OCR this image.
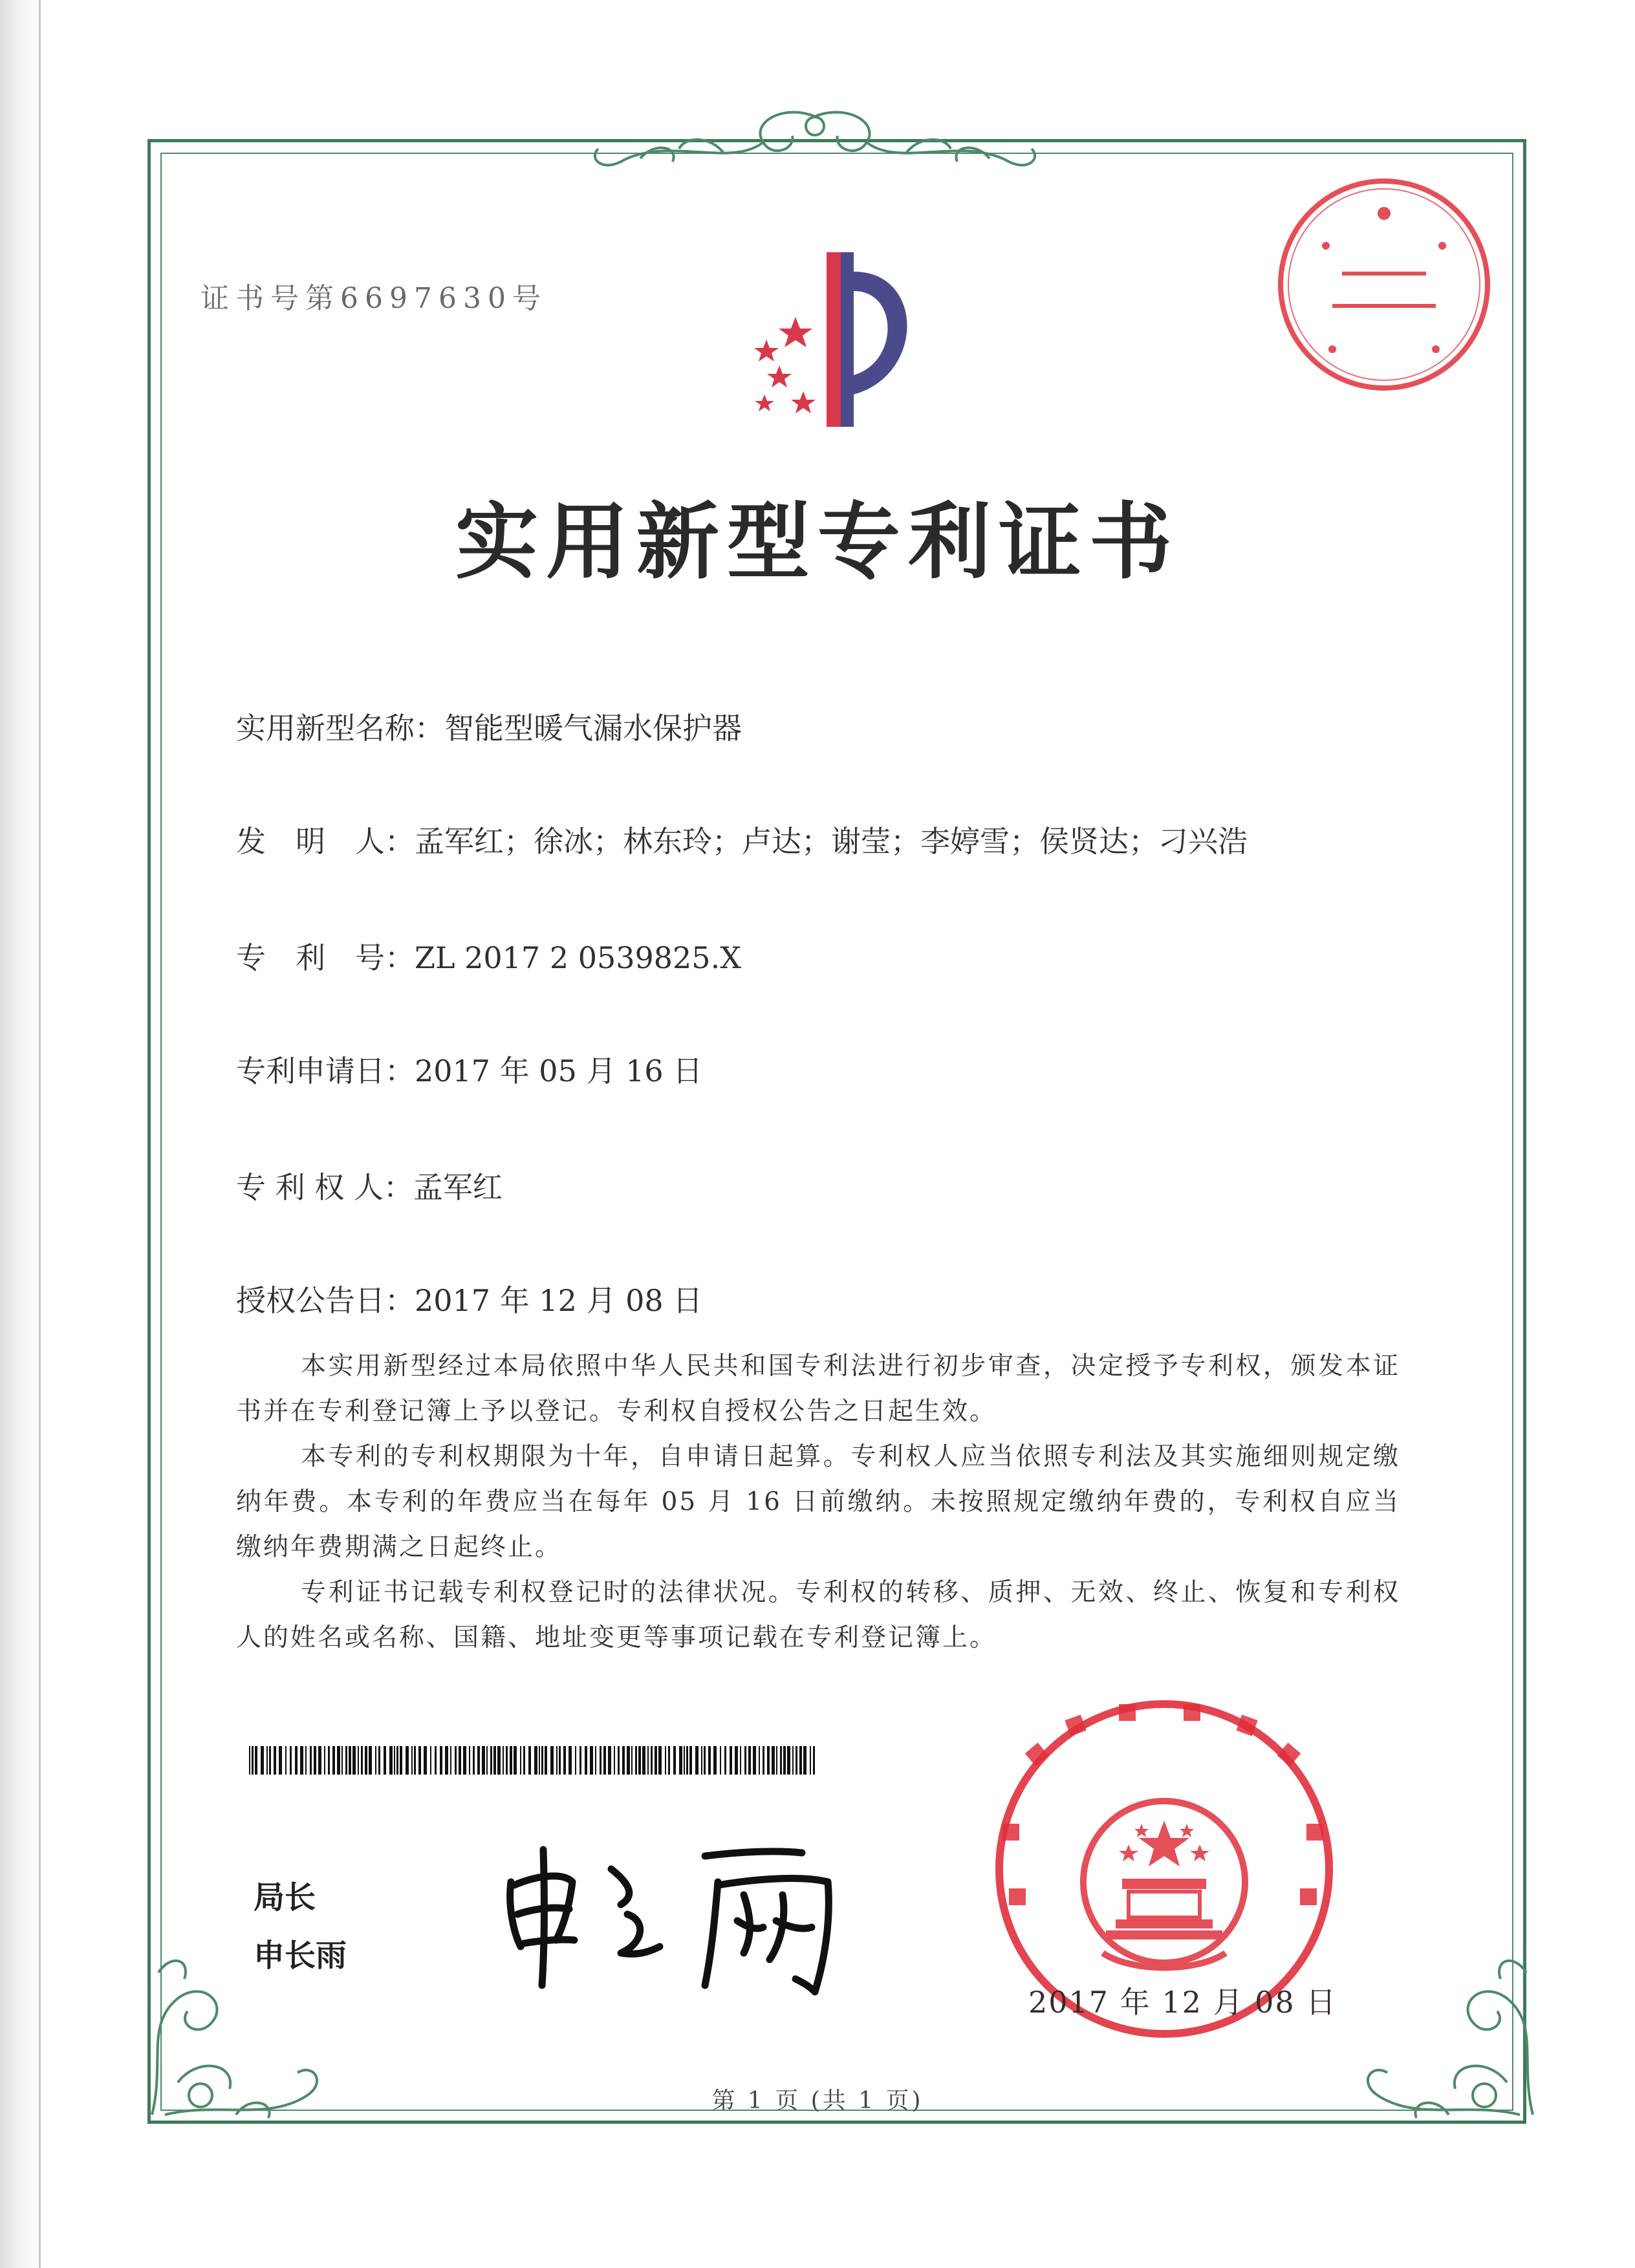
证书号第6697630号
实用新型专利证书
实用新型名称：智能型暖气漏水保护器
发　明　人：孟军红；徐冰；林东玲；卢达；谢莹；李婷雪；侯贤达；刁兴浩
专　利　号：ZL 2017 2 0539825.X
专利申请日：2017 年 05 月 16 日
专 利 权 人：孟军红
授权公告日：2017 年 12 月 08 日
本实用新型经过本局依照中华人民共和国专利法进行初步审查，决定授予专利权，颁发本证书并在专利登记簿上予以登记。专利权自授权公告之日起生效。
本专利的专利权期限为十年，自申请日起算。专利权人应当依照专利法及其实施细则规定缴纳年费。本专利的年费应当在每年 05 月 16 日前缴纳。未按照规定缴纳年费的，专利权自应当缴纳年费期满之日起终止。
专利证书记载专利权登记时的法律状况。专利权的转移、质押、无效、终止、恢复和专利权人的姓名或名称、国籍、地址变更等事项记载在专利登记簿上。
局长
申长雨
2017 年 12 月 08 日
第 1 页 (共 1 页)
